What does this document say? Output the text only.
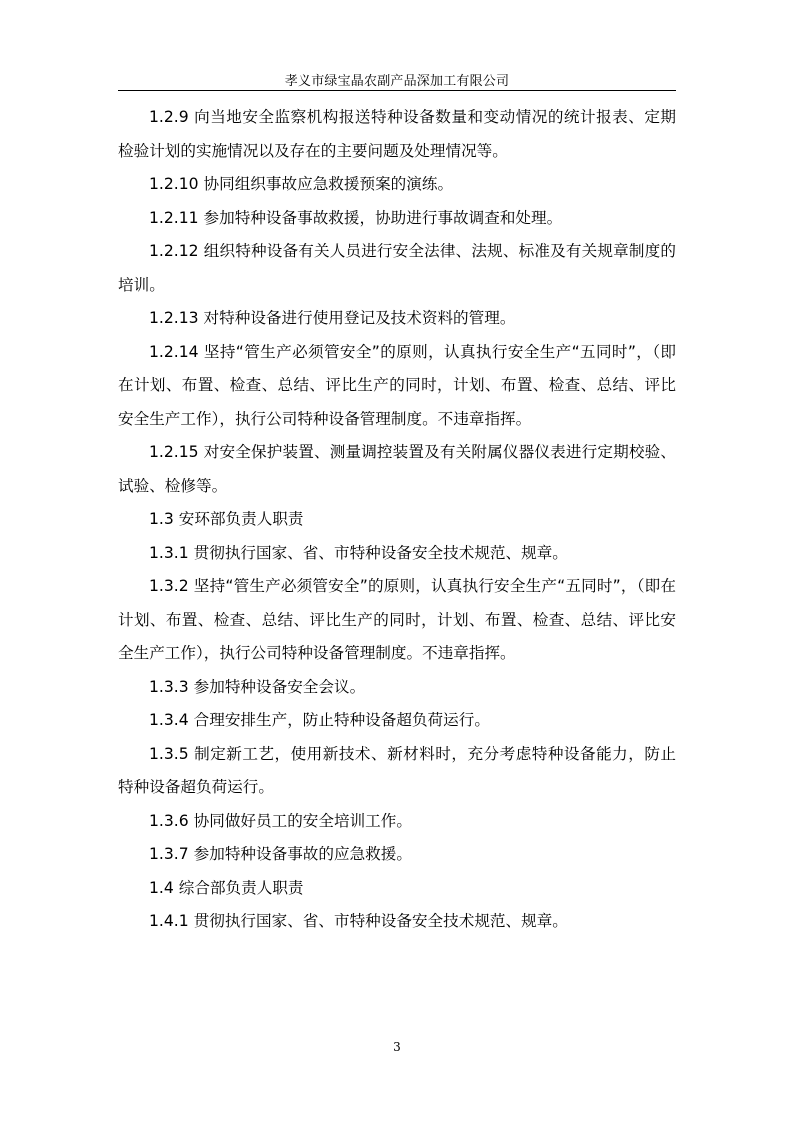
孝义市绿宝晶农副产品深加工有限公司

1.2.9 向当地安全监察机构报送特种设备数量和变动情况的统计报表、定期检验计划的实施情况以及存在的主要问题及处理情况等。

1.2.10 协同组织事故应急救援预案的演练。

1.2.11 参加特种设备事故救援，协助进行事故调查和处理。

1.2.12 组织特种设备有关人员进行安全法律、法规、标准及有关规章制度的培训。

1.2.13 对特种设备进行使用登记及技术资料的管理。

1.2.14 坚持“管生产必须管安全”的原则，认真执行安全生产“五同时”，（即在计划、布置、检查、总结、评比生产的同时，计划、布置、检查、总结、评比安全生产工作），执行公司特种设备管理制度。不违章指挥。

1.2.15 对安全保护装置、测量调控装置及有关附属仪器仪表进行定期校验、试验、检修等。

1.3 安环部负责人职责

1.3.1 贯彻执行国家、省、市特种设备安全技术规范、规章。

1.3.2 坚持“管生产必须管安全”的原则，认真执行安全生产“五同时”，（即在计划、布置、检查、总结、评比生产的同时，计划、布置、检查、总结、评比安全生产工作），执行公司特种设备管理制度。不违章指挥。

1.3.3 参加特种设备安全会议。

1.3.4 合理安排生产，防止特种设备超负荷运行。

1.3.5 制定新工艺，使用新技术、新材料时，充分考虑特种设备能力，防止特种设备超负荷运行。

1.3.6 协同做好员工的安全培训工作。

1.3.7 参加特种设备事故的应急救援。

1.4 综合部负责人职责

1.4.1 贯彻执行国家、省、市特种设备安全技术规范、规章。

3
